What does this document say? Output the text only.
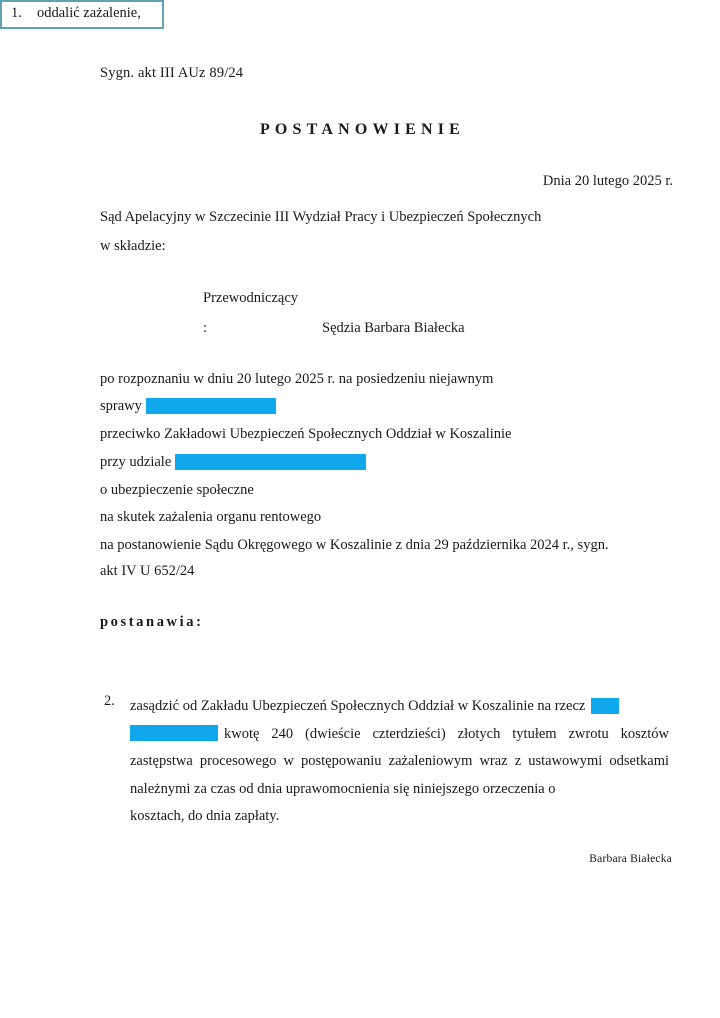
Sygn. akt III AUz 89/24
POSTANOWIENIE
Dnia 20 lutego 2025 r.
Sąd Apelacyjny w Szczecinie III Wydział Pracy i Ubezpieczeń Społecznych
w składzie:
Przewodniczący
:	Sędzia Barbara Białecka
po rozpoznaniu w dniu 20 lutego 2025 r. na posiedzeniu niejawnym
sprawy
przeciwko Zakładowi Ubezpieczeń Społecznych Oddział w Koszalinie
przy udziale
o ubezpieczenie społeczne
na skutek zażalenia organu rentowego
na postanowienie Sądu Okręgowego w Koszalinie z dnia 29 października 2024 r., sygn.
akt IV U 652/24
postanawia:
1. oddalić zażalenie,
2. zasądzić od Zakładu Ubezpieczeń Społecznych Oddział w Koszalinie na rzecz

kwotę 240 (dwieście czterdzieści) złotych tytułem zwrotu kosztów zastępstwa procesowego w postępowaniu zażaleniowym wraz z ustawowymi odsetkami należnymi za czas od dnia uprawomocnienia się niniejszego orzeczenia o

kosztach, do dnia zapłaty.

Barbara Białecka
